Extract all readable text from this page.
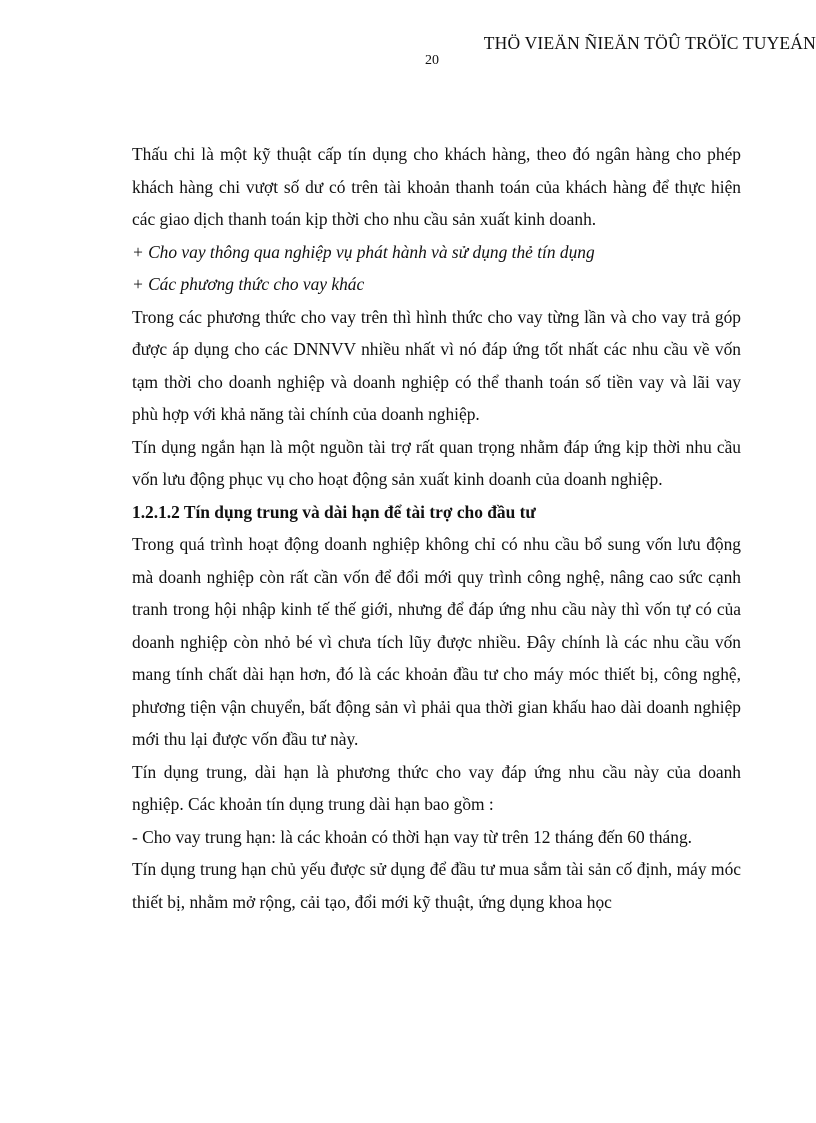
THÖ VIEÄN ÑIEÄN TÖÛ TRÖÏC TUYEÁN
20

Thấu chi là một kỹ thuật cấp tín dụng cho khách hàng, theo đó ngân hàng cho phép khách hàng chi vượt số dư có trên tài khoản thanh toán của khách hàng để thực hiện các giao dịch thanh toán kịp thời cho nhu cầu sản xuất kinh doanh.

+ Cho vay thông qua nghiệp vụ phát hành và sử dụng thẻ tín dụng

+ Các phương thức cho vay khác

Trong các phương thức cho vay trên thì hình thức cho vay từng lần và cho vay trả góp được áp dụng cho các DNNVV nhiều nhất vì nó đáp ứng tốt nhất các nhu cầu về vốn tạm thời cho doanh nghiệp và doanh nghiệp có thể thanh toán số tiền vay và lãi vay phù hợp với khả năng tài chính của doanh nghiệp.

Tín dụng ngắn hạn là một nguồn tài trợ rất quan trọng nhằm đáp ứng kịp thời nhu cầu vốn lưu động phục vụ cho hoạt động sản xuất kinh doanh của doanh nghiệp.

1.2.1.2 Tín dụng trung và dài hạn để tài trợ cho đầu tư

Trong quá trình hoạt động doanh nghiệp không chỉ có nhu cầu bổ sung vốn lưu động mà doanh nghiệp còn rất cần vốn để đổi mới quy trình công nghệ, nâng cao sức cạnh tranh trong hội nhập kinh tế thế giới, nhưng để đáp ứng nhu cầu này thì vốn tự có của doanh nghiệp còn nhỏ bé vì chưa tích lũy được nhiều. Đây chính là các nhu cầu vốn mang tính chất dài hạn hơn, đó là các khoản đầu tư cho máy móc thiết bị, công nghệ, phương tiện vận chuyển, bất động sản vì phải qua thời gian khấu hao dài doanh nghiệp mới thu lại được vốn đầu tư này.

Tín dụng trung, dài hạn là phương thức cho vay đáp ứng nhu cầu này của doanh nghiệp. Các khoản tín dụng trung dài hạn bao gồm :

- Cho vay trung hạn: là các khoản có thời hạn vay từ trên 12 tháng đến 60 tháng.

Tín dụng trung hạn chủ yếu được sử dụng để đầu tư mua sắm tài sản cố định, máy móc thiết bị, nhằm mở rộng, cải tạo, đổi mới kỹ thuật, ứng dụng khoa học
